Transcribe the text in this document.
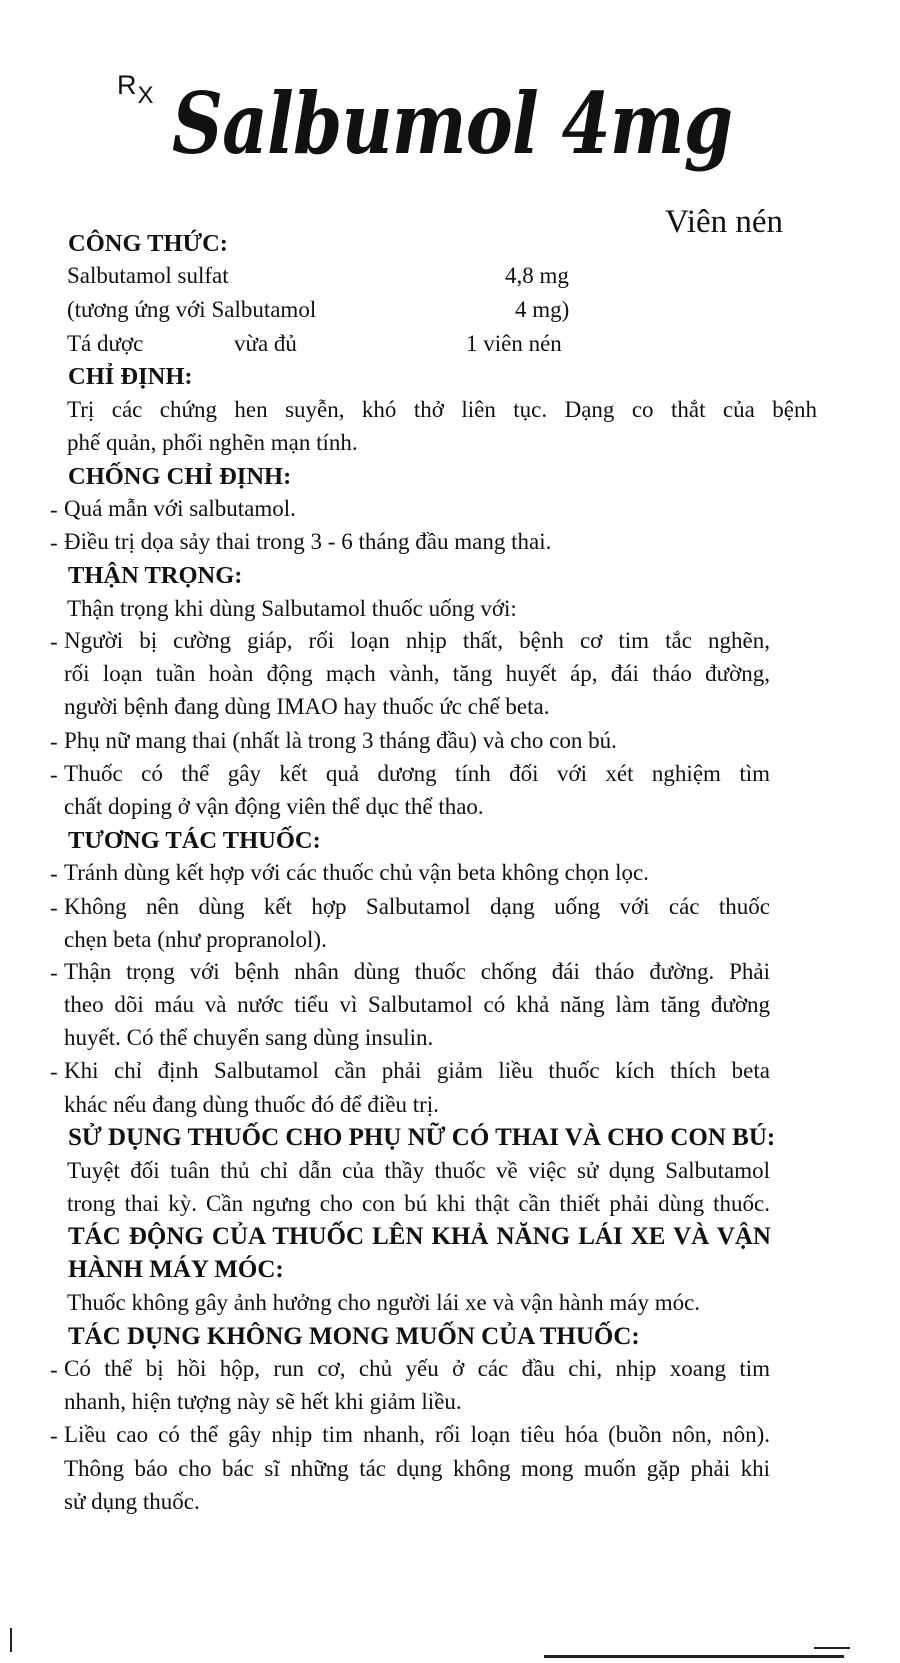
RX Salbumol 4mg
Viên nén
CÔNG THỨC:
Salbutamol sulfat	4,8 mg
(tương ứng với Salbutamol	4 mg)
Tá dược	vừa đủ	1 viên nén
CHỈ ĐỊNH:
Trị các chứng hen suyễn, khó thở liên tục. Dạng co thắt của bệnh
phế quản, phổi nghẽn mạn tính.
CHỐNG CHỈ ĐỊNH:
- Quá mẫn với salbutamol.
- Điều trị dọa sảy thai trong 3 - 6 tháng đầu mang thai.
THẬN TRỌNG:
Thận trọng khi dùng Salbutamol thuốc uống với:
- Người bị cường giáp, rối loạn nhịp thất, bệnh cơ tim tắc nghẽn,
rối loạn tuần hoàn động mạch vành, tăng huyết áp, đái tháo đường,
người bệnh đang dùng IMAO hay thuốc ức chế beta.
- Phụ nữ mang thai (nhất là trong 3 tháng đầu) và cho con bú.
- Thuốc có thể gây kết quả dương tính đối với xét nghiệm tìm
chất doping ở vận động viên thể dục thể thao.
TƯƠNG TÁC THUỐC:
- Tránh dùng kết hợp với các thuốc chủ vận beta không chọn lọc.
- Không nên dùng kết hợp Salbutamol dạng uống với các thuốc
chẹn beta (như propranolol).
- Thận trọng với bệnh nhân dùng thuốc chống đái tháo đường. Phải
theo dõi máu và nước tiểu vì Salbutamol có khả năng làm tăng đường
huyết. Có thể chuyển sang dùng insulin.
- Khi chỉ định Salbutamol cần phải giảm liều thuốc kích thích beta
khác nếu đang dùng thuốc đó để điều trị.
SỬ DỤNG THUỐC CHO PHỤ NỮ CÓ THAI VÀ CHO CON BÚ:
Tuyệt đối tuân thủ chỉ dẫn của thầy thuốc về việc sử dụng Salbutamol
trong thai kỳ. Cần ngưng cho con bú khi thật cần thiết phải dùng thuốc.
TÁC ĐỘNG CỦA THUỐC LÊN KHẢ NĂNG LÁI XE VÀ VẬN
HÀNH MÁY MÓC:
Thuốc không gây ảnh hưởng cho người lái xe và vận hành máy móc.
TÁC DỤNG KHÔNG MONG MUỐN CỦA THUỐC:
- Có thể bị hồi hộp, run cơ, chủ yếu ở các đầu chi, nhịp xoang tim
nhanh, hiện tượng này sẽ hết khi giảm liều.
- Liều cao có thể gây nhịp tim nhanh, rối loạn tiêu hóa (buồn nôn, nôn).
Thông báo cho bác sĩ những tác dụng không mong muốn gặp phải khi
sử dụng thuốc.
